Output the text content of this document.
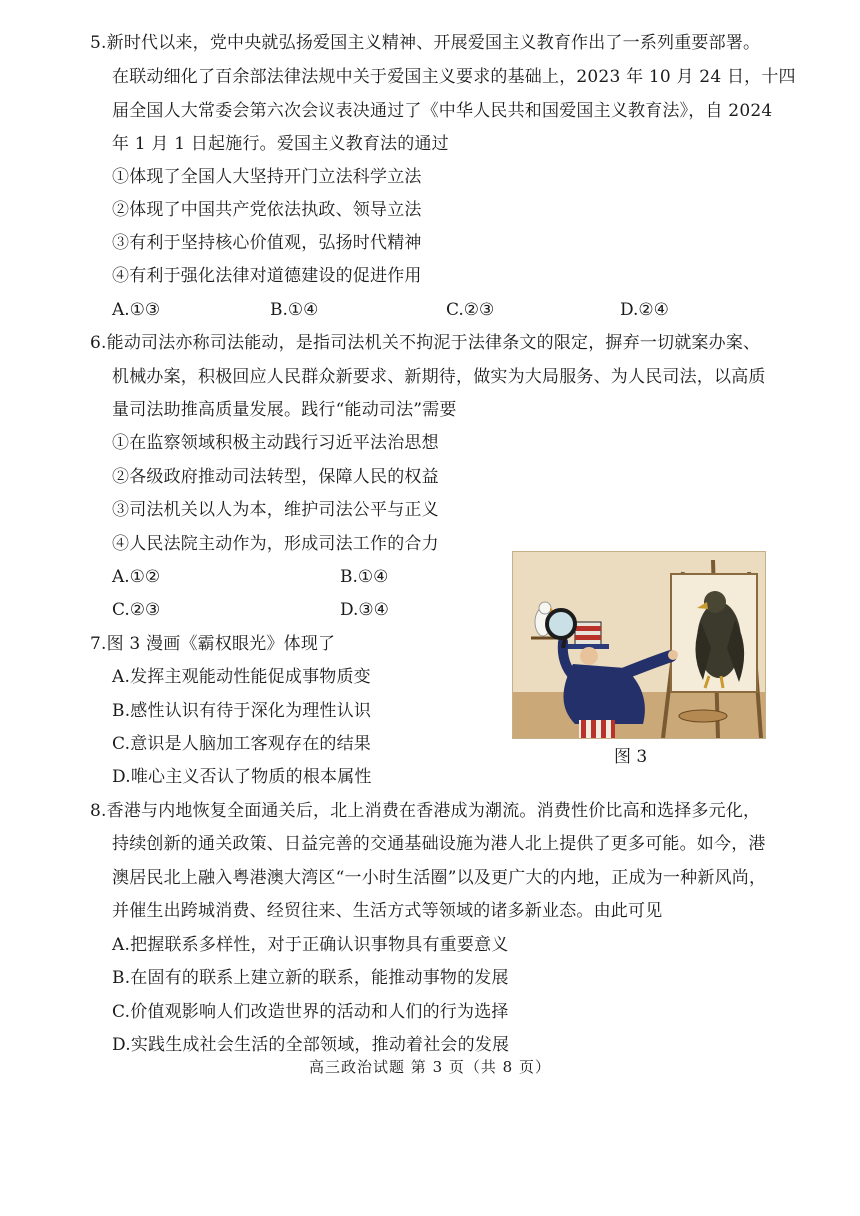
5.新时代以来，党中央就弘扬爱国主义精神、开展爱国主义教育作出了一系列重要部署。
在联动细化了百余部法律法规中关于爱国主义要求的基础上，2023 年 10 月 24 日，十四
届全国人大常委会第六次会议表决通过了《中华人民共和国爱国主义教育法》，自 2024
年 1 月 1 日起施行。爱国主义教育法的通过
①体现了全国人大坚持开门立法科学立法
②体现了中国共产党依法执政、领导立法
③有利于坚持核心价值观，弘扬时代精神
④有利于强化法律对道德建设的促进作用
A.①③	B.①④	C.②③	D.②④
6.能动司法亦称司法能动，是指司法机关不拘泥于法律条文的限定，摒弃一切就案办案、
机械办案，积极回应人民群众新要求、新期待，做实为大局服务、为人民司法，以高质
量司法助推高质量发展。践行“能动司法”需要
①在监察领域积极主动践行习近平法治思想
②各级政府推动司法转型，保障人民的权益
③司法机关以人为本，维护司法公平与正义
④人民法院主动作为，形成司法工作的合力
A.①②	B.①④
C.②③	D.③④
7.图 3 漫画《霸权眼光》体现了
A.发挥主观能动性能促成事物质变
B.感性认识有待于深化为理性认识
C.意识是人脑加工客观存在的结果
D.唯心主义否认了物质的根本属性
图 3
8.香港与内地恢复全面通关后，北上消费在香港成为潮流。消费性价比高和选择多元化，
持续创新的通关政策、日益完善的交通基础设施为港人北上提供了更多可能。如今，港
澳居民北上融入粤港澳大湾区“一小时生活圈”以及更广大的内地，正成为一种新风尚，
并催生出跨城消费、经贸往来、生活方式等领域的诸多新业态。由此可见
A.把握联系多样性，对于正确认识事物具有重要意义
B.在固有的联系上建立新的联系，能推动事物的发展
C.价值观影响人们改造世界的活动和人们的行为选择
D.实践生成社会生活的全部领域，推动着社会的发展
高三政治试题 第 3 页（共 8 页）
